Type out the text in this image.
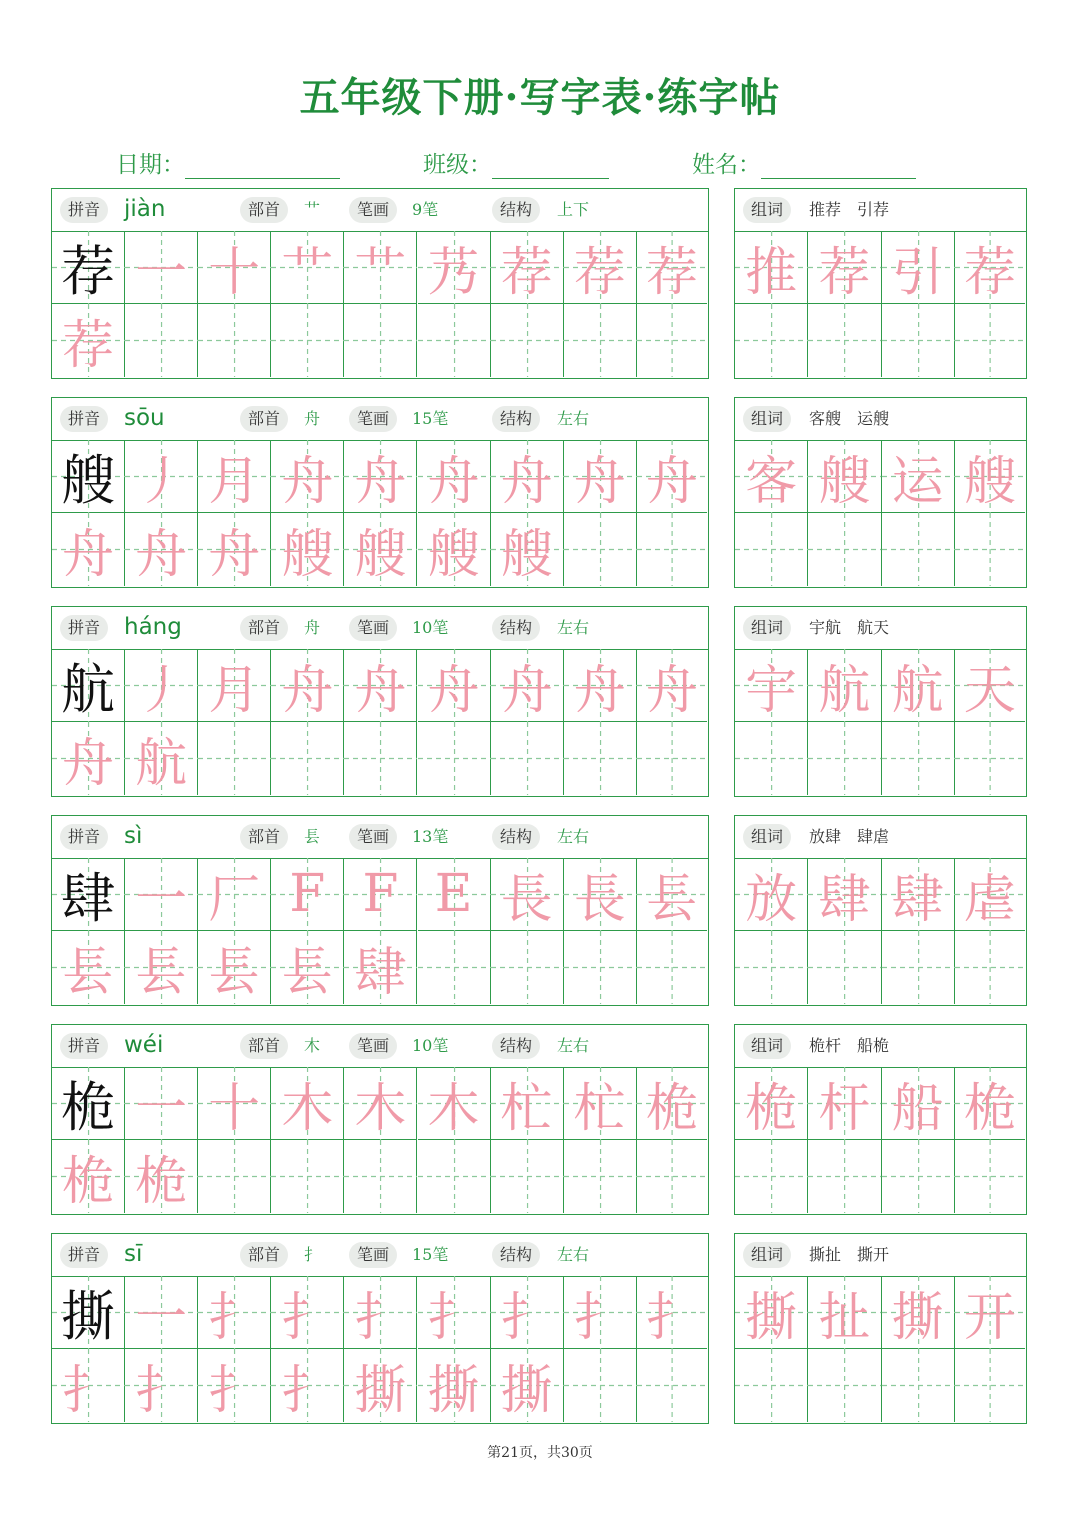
五年级下册·写字表·练字帖
日期：	班级：	姓名：
拼音	jiàn	部首	艹	笔画	9笔	结构	上下
荐 一 十 艹 艹 艿 荐 荐 荐
荐
组词	推荐　引荐
推 荐 引 荐
拼音	sōu	部首	舟	笔画	15笔	结构	左右
艘 丿 月 舟 舟 舟 舟 舟 舟
舟 舟 舟 艘 艘 艘 艘
组词	客艘　运艘
客 艘 运 艘
拼音	háng	部首	舟	笔画	10笔	结构	左右
航 丿 月 舟 舟 舟 舟 舟 舟
舟 航
组词	宇航　航天
宇 航 航 天
拼音	sì	部首	镸	笔画	13笔	结构	左右
肆 一 厂 F F E 長 長 镸
镸 镸 镸 镸 肆
组词	放肆　肆虐
放 肆 肆 虐
拼音	wéi	部首	木	笔画	10笔	结构	左右
桅 一 十 木 木 木 杧 杧 桅
桅 桅
组词	桅杆　船桅
桅 杆 船 桅
拼音	sī	部首	扌	笔画	15笔	结构	左右
撕 一 扌 扌 扌 扌 扌 扌 扌
扌 扌 扌 扌 撕 撕 撕
组词	撕扯　撕开
撕 扯 撕 开
第21页，共30页
